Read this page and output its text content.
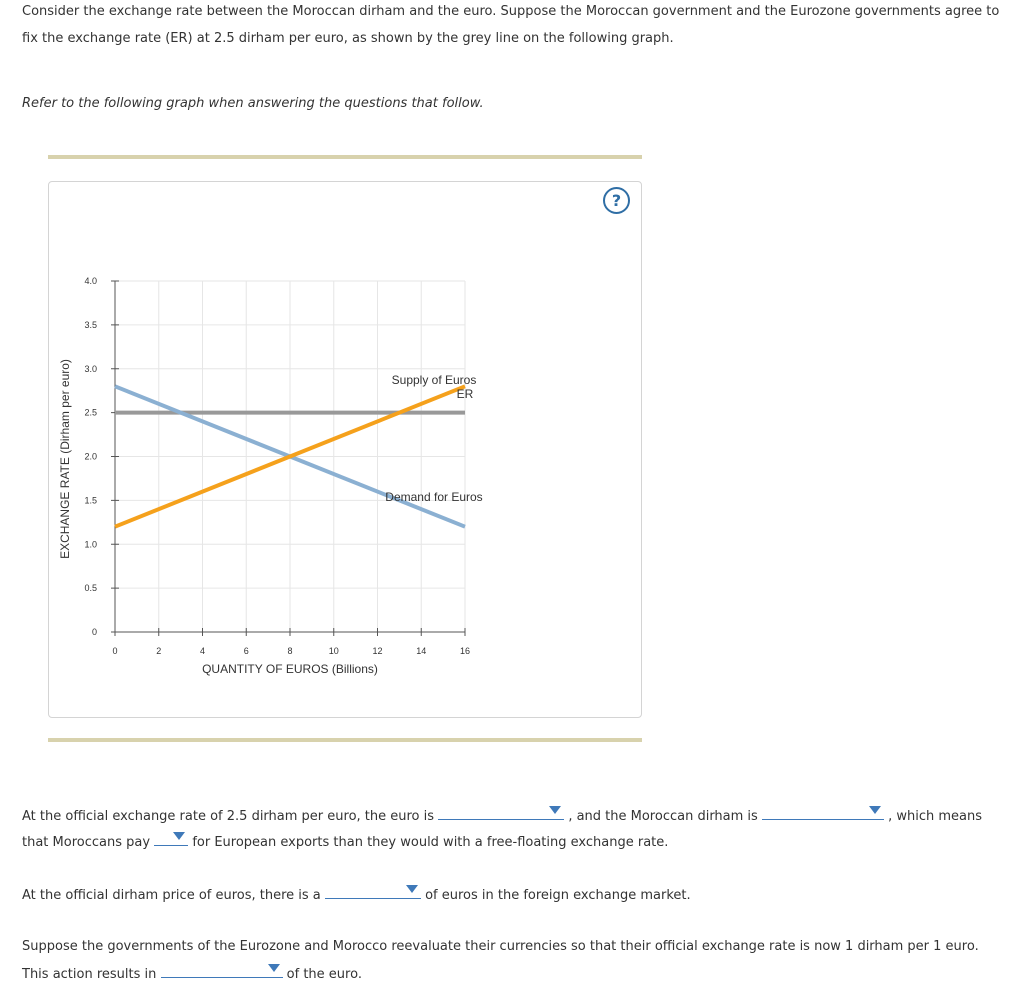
Consider the exchange rate between the Moroccan dirham and the euro. Suppose the Moroccan government and the Eurozone governments agree to
fix the exchange rate (ER) at 2.5 dirham per euro, as shown by the grey line on the following graph.

Refer to the following graph when answering the questions that follow.

?
0
0.5
1.0
1.5
2.0
2.5
3.0
3.5
4.0
0	2	4	6	8	10	12	14	16
QUANTITY OF EUROS (Billions)
EXCHANGE RATE (Dirham per euro)	Supply of Euros
Demand for Euros
ER

At the official exchange rate of 2.5 dirham per euro, the euro is	, and the Moroccan dirham is	, which means

that Moroccans pay	for European exports than they would with a free-floating exchange rate.

At the official dirham price of euros, there is a	of euros in the foreign exchange market.

Suppose the governments of the Eurozone and Morocco reevaluate their currencies so that their official exchange rate is now 1 dirham per 1 euro.

This action results in	of the euro.
